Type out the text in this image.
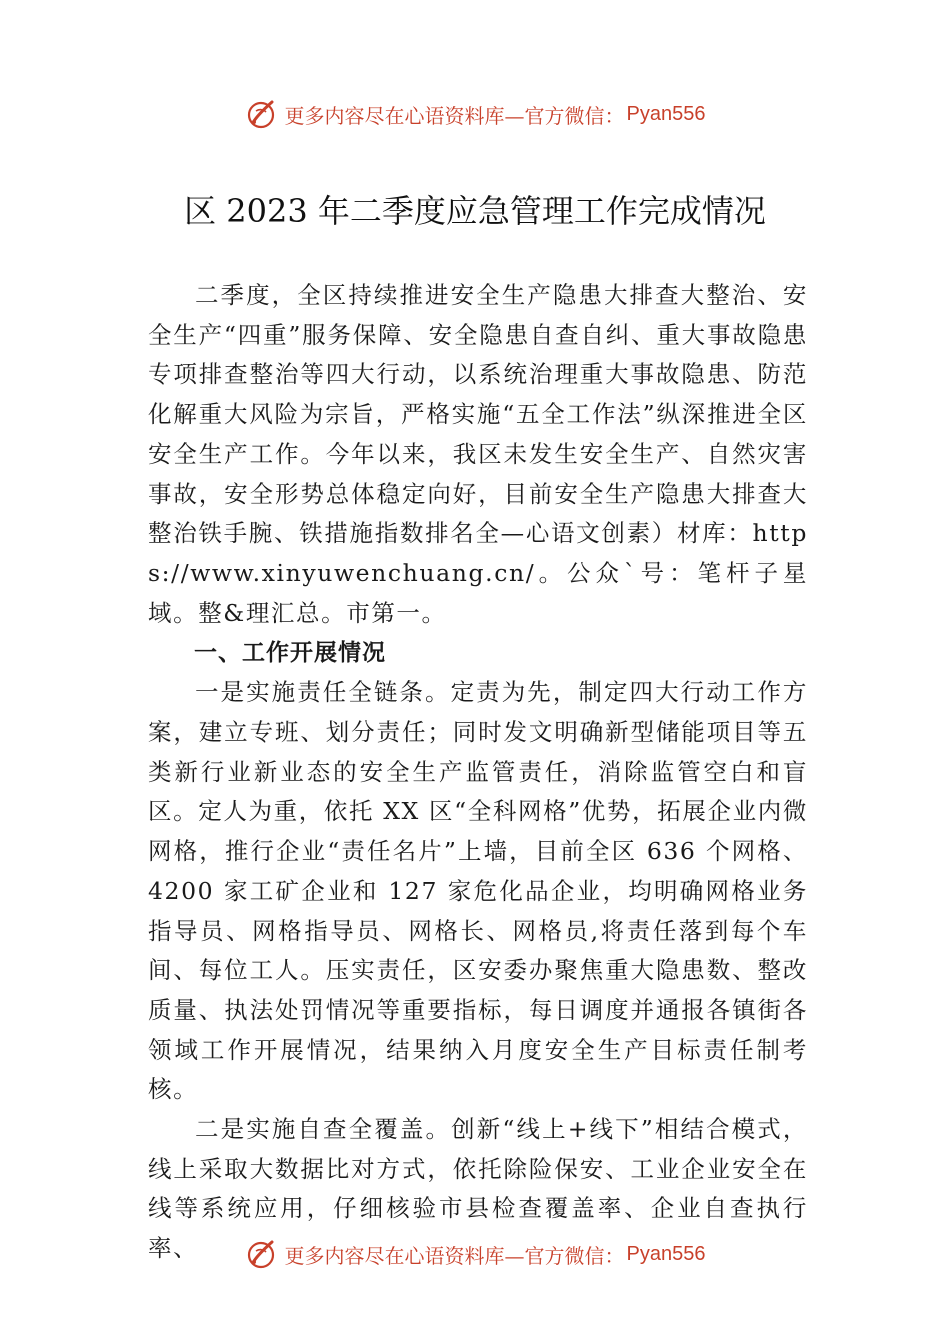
更多内容尽在心语资料库—官方微信： Pyan556
区 2023 年二季度应急管理工作完成情况

二季度，全区持续推进安全生产隐患大排查大整治、安全生产“四重”服务保障、安全隐患自查自纠、重大事故隐患专项排查整治等四大行动，以系统治理重大事故隐患、防范化解重大风险为宗旨，严格实施“五全工作法”纵深推进全区安全生产工作。今年以来，我区未发生安全生产、自然灾害事故，安全形势总体稳定向好，目前安全生产隐患大排查大整治铁手腕、铁措施指数排名全—心语文创素）材库：https://www.xinyuwenchuang.cn/。公众`号：笔杆子星域。整&理汇总。市第一。

一、工作开展情况

一是实施责任全链条。定责为先，制定四大行动工作方案，建立专班、划分责任；同时发文明确新型储能项目等五类新行业新业态的安全生产监管责任，消除监管空白和盲区。定人为重，依托 XX 区“全科网格”优势，拓展企业内微网格，推行企业“责任名片”上墙，目前全区 636 个网格、4200 家工矿企业和 127 家危化品企业，均明确网格业务指导员、网格指导员、网格长、网格员,将责任落到每个车间、每位工人。压实责任，区安委办聚焦重大隐患数、整改质量、执法处罚情况等重要指标，每日调度并通报各镇街各领域工作开展情况，结果纳入月度安全生产目标责任制考核。

二是实施自查全覆盖。创新“线上+线下”相结合模式，线上采取大数据比对方式，依托除险保安、工业企业安全在线等系统应用，仔细核验市县检查覆盖率、企业自查执行率、	更多内容尽在心语资料库—官方微信： Pyan556
